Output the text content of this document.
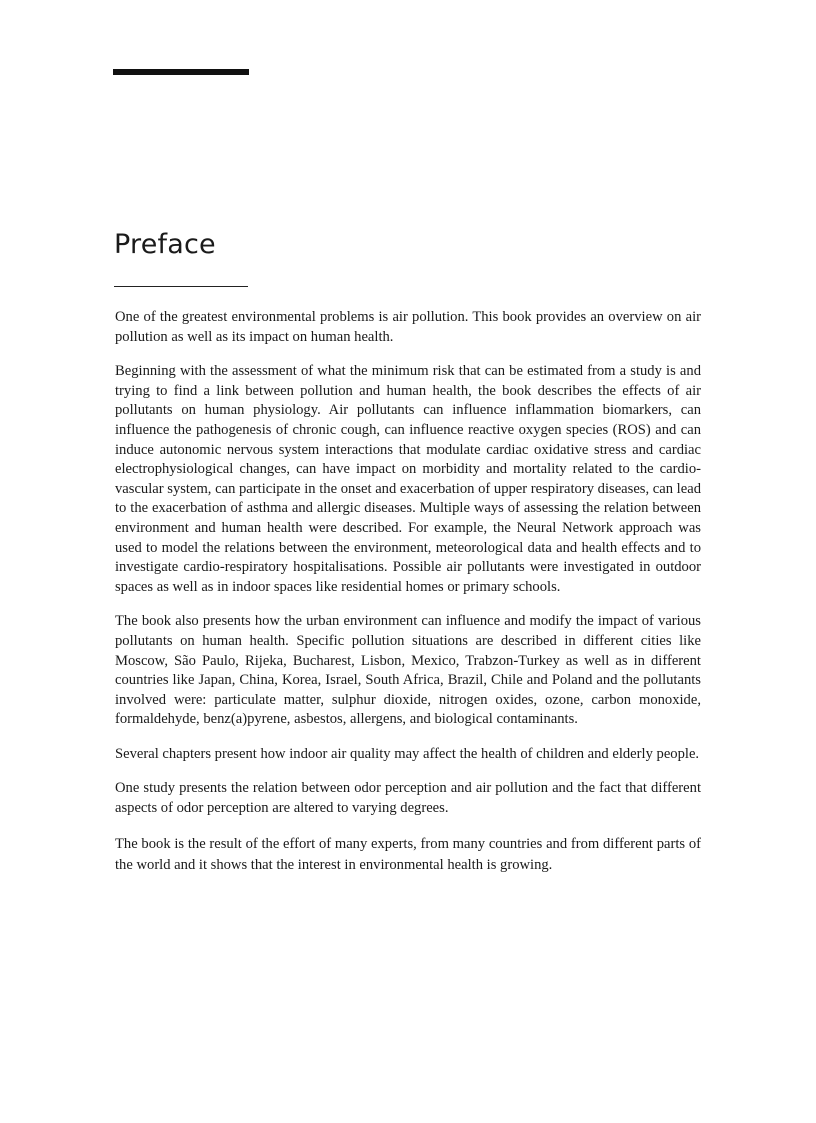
Preface

One of the greatest environmental problems is air pollution. This book provides an overview on air pollution as well as its impact on human health.

Beginning with the assessment of what the minimum risk that can be estimated from a study is and trying to find a link between pollution and human health, the book describes the effects of air pollutants on human physiology. Air pollutants can influence inflammation biomarkers, can influence the pathogenesis of chronic cough, can influence reactive oxygen species (ROS) and can induce autonomic nervous system interactions that modulate cardiac oxidative stress and cardiac electrophysiological changes, can have impact on morbidity and mortality related to the cardio-vascular system, can participate in the onset and exacerbation of upper respiratory diseases, can lead to the exacerbation of asthma and allergic diseases. Multiple ways of assessing the relation between environment and human health were described. For example, the Neural Network approach was used to model the relations between the environment, meteorological data and health effects and to investigate cardio-respiratory hospitalisations. Possible air pollutants were investigated in outdoor spaces as well as in indoor spaces like residential homes or primary schools.

The book also presents how the urban environment can influence and modify the impact of various pollutants on human health. Specific pollution situations are described in different cities like Moscow, São Paulo, Rijeka, Bucharest, Lisbon, Mexico, Trabzon-Turkey as well as in different countries like Japan, China, Korea, Israel, South Africa, Brazil, Chile and Poland and the pollutants involved were: particulate matter, sulphur dioxide, nitrogen oxides, ozone, carbon monoxide, formaldehyde, benz(a)pyrene, asbestos, allergens, and biological contaminants.

Several chapters present how indoor air quality may affect the health of children and elderly people.

One study presents the relation between odor perception and air pollution and the fact that different aspects of odor perception are altered to varying degrees.

The book is the result of the effort of many experts, from many countries and from different parts of the world and it shows that the interest in environmental health is growing.
